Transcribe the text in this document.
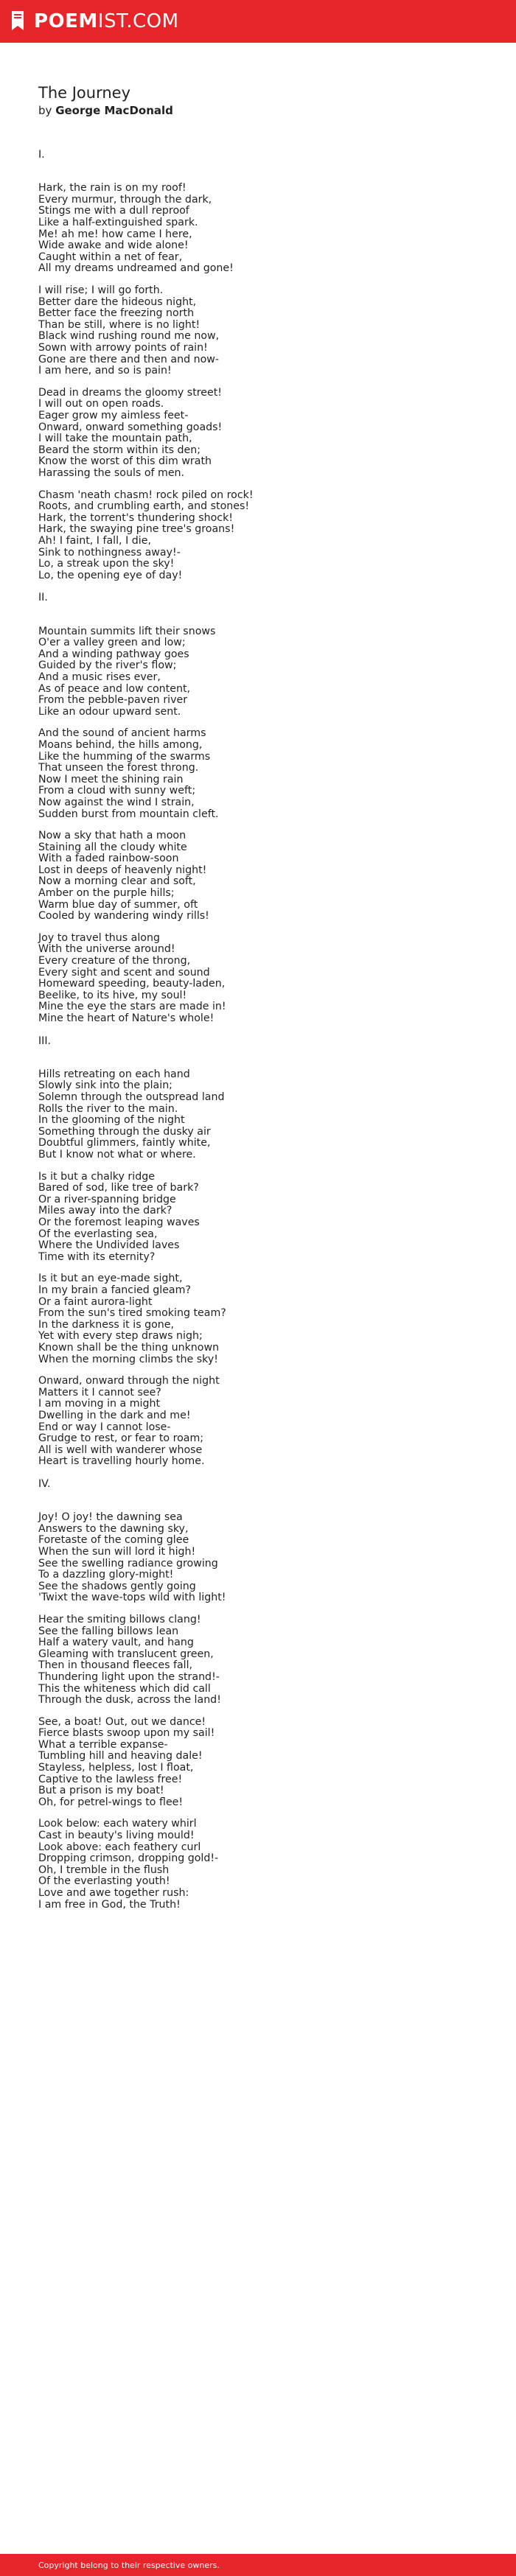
POEMIST.COM
The Journey
by George MacDonald
I.
Hark, the rain is on my roof!
Every murmur, through the dark,
Stings me with a dull reproof
Like a half-extinguished spark.
Me! ah me! how came I here,
Wide awake and wide alone!
Caught within a net of fear,
All my dreams undreamed and gone!
I will rise; I will go forth.
Better dare the hideous night,
Better face the freezing north
Than be still, where is no light!
Black wind rushing round me now,
Sown with arrowy points of rain!
Gone are there and then and now-
I am here, and so is pain!
Dead in dreams the gloomy street!
I will out on open roads.
Eager grow my aimless feet-
Onward, onward something goads!
I will take the mountain path,
Beard the storm within its den;
Know the worst of this dim wrath
Harassing the souls of men.
Chasm 'neath chasm! rock piled on rock!
Roots, and crumbling earth, and stones!
Hark, the torrent's thundering shock!
Hark, the swaying pine tree's groans!
Ah! I faint, I fall, I die,
Sink to nothingness away!-
Lo, a streak upon the sky!
Lo, the opening eye of day!
II.
Mountain summits lift their snows
O'er a valley green and low;
And a winding pathway goes
Guided by the river's flow;
And a music rises ever,
As of peace and low content,
From the pebble-paven river
Like an odour upward sent.
And the sound of ancient harms
Moans behind, the hills among,
Like the humming of the swarms
That unseen the forest throng.
Now I meet the shining rain
From a cloud with sunny weft;
Now against the wind I strain,
Sudden burst from mountain cleft.
Now a sky that hath a moon
Staining all the cloudy white
With a faded rainbow-soon
Lost in deeps of heavenly night!
Now a morning clear and soft,
Amber on the purple hills;
Warm blue day of summer, oft
Cooled by wandering windy rills!
Joy to travel thus along
With the universe around!
Every creature of the throng,
Every sight and scent and sound
Homeward speeding, beauty-laden,
Beelike, to its hive, my soul!
Mine the eye the stars are made in!
Mine the heart of Nature's whole!
III.
Hills retreating on each hand
Slowly sink into the plain;
Solemn through the outspread land
Rolls the river to the main.
In the glooming of the night
Something through the dusky air
Doubtful glimmers, faintly white,
But I know not what or where.
Is it but a chalky ridge
Bared of sod, like tree of bark?
Or a river-spanning bridge
Miles away into the dark?
Or the foremost leaping waves
Of the everlasting sea,
Where the Undivided laves
Time with its eternity?
Is it but an eye-made sight,
In my brain a fancied gleam?
Or a faint aurora-light
From the sun's tired smoking team?
In the darkness it is gone,
Yet with every step draws nigh;
Known shall be the thing unknown
When the morning climbs the sky!
Onward, onward through the night
Matters it I cannot see?
I am moving in a might
Dwelling in the dark and me!
End or way I cannot lose-
Grudge to rest, or fear to roam;
All is well with wanderer whose
Heart is travelling hourly home.
IV.
Joy! O joy! the dawning sea
Answers to the dawning sky,
Foretaste of the coming glee
When the sun will lord it high!
See the swelling radiance growing
To a dazzling glory-might!
See the shadows gently going
'Twixt the wave-tops wild with light!
Hear the smiting billows clang!
See the falling billows lean
Half a watery vault, and hang
Gleaming with translucent green,
Then in thousand fleeces fall,
Thundering light upon the strand!-
This the whiteness which did call
Through the dusk, across the land!
See, a boat! Out, out we dance!
Fierce blasts swoop upon my sail!
What a terrible expanse-
Tumbling hill and heaving dale!
Stayless, helpless, lost I float,
Captive to the lawless free!
But a prison is my boat!
Oh, for petrel-wings to flee!
Look below: each watery whirl
Cast in beauty's living mould!
Look above: each feathery curl
Dropping crimson, dropping gold!-
Oh, I tremble in the flush
Of the everlasting youth!
Love and awe together rush:
I am free in God, the Truth!
Copyright belong to their respective owners.
